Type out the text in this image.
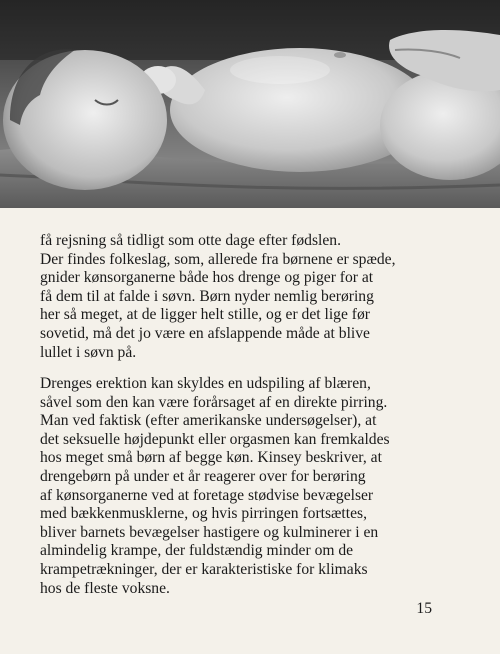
få rejsning så tidligt som otte dage efter fødslen.
Der findes folkeslag, som, allerede fra børnene er spæde,
gnider kønsorganerne både hos drenge og piger for at
få dem til at falde i søvn. Børn nyder nemlig berøring
her så meget, at de ligger helt stille, og er det lige før
sovetid, må det jo være en afslappende måde at blive
lullet i søvn på.
Drenges erektion kan skyldes en udspiling af blæren,
såvel som den kan være forårsaget af en direkte pirring.
Man ved faktisk (efter amerikanske undersøgelser), at
det seksuelle højdepunkt eller orgasmen kan fremkaldes
hos meget små børn af begge køn. Kinsey beskriver, at
drengebørn på under et år reagerer over for berøring
af kønsorganerne ved at foretage stødvise bevægelser
med bækkenmusklerne, og hvis pirringen fortsættes,
bliver barnets bevægelser hastigere og kulminerer i en
almindelig krampe, der fuldstændig minder om de
krampetrækninger, der er karakteristiske for klimaks
hos de fleste voksne.
15
